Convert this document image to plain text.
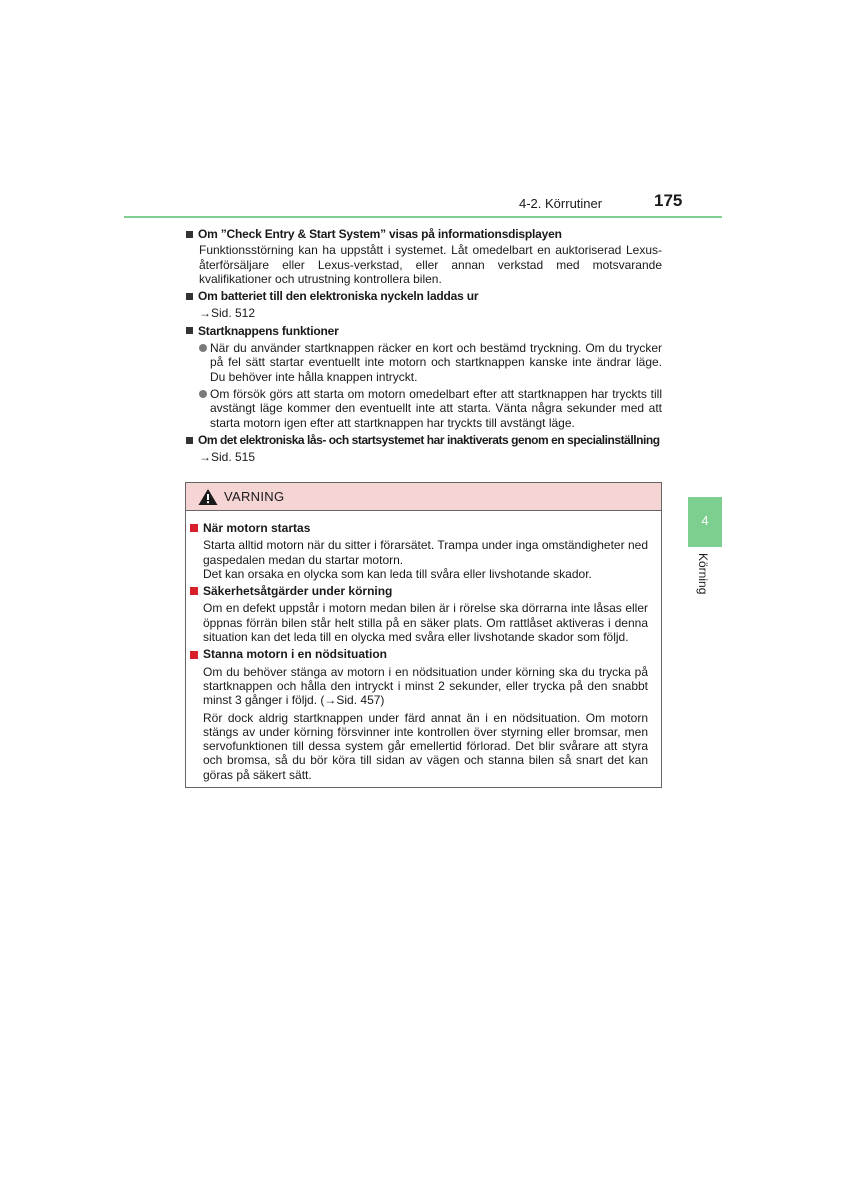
4-2. Körrutiner	175
4
Körning
Om ”Check Entry & Start System” visas på informationsdisplayen
Funktionsstörning kan ha uppstått i systemet. Låt omedelbart en auktoriserad Lexus-återförsäljare eller Lexus-verkstad, eller annan verkstad med motsvarande kvalifikationer och utrustning kontrollera bilen.
Om batteriet till den elektroniska nyckeln laddas ur
→Sid. 512
Startknappens funktioner
När du använder startknappen räcker en kort och bestämd tryckning. Om du trycker på fel sätt startar eventuellt inte motorn och startknappen kanske inte ändrar läge. Du behöver inte hålla knappen intryckt.
Om försök görs att starta om motorn omedelbart efter att startknappen har tryckts till avstängt läge kommer den eventuellt inte att starta. Vänta några sekunder med att starta motorn igen efter att startknappen har tryckts till avstängt läge.
Om det elektroniska lås- och startsystemet har inaktiverats genom en specialinställning
→Sid. 515
VARNING
När motorn startas
Starta alltid motorn när du sitter i förarsätet. Trampa under inga omständigheter ned gaspedalen medan du startar motorn.
Det kan orsaka en olycka som kan leda till svåra eller livshotande skador.
Säkerhetsåtgärder under körning
Om en defekt uppstår i motorn medan bilen är i rörelse ska dörrarna inte låsas eller öppnas förrän bilen står helt stilla på en säker plats. Om rattlåset aktiveras i denna situation kan det leda till en olycka med svåra eller livshotande skador som följd.
Stanna motorn i en nödsituation
Om du behöver stänga av motorn i en nödsituation under körning ska du trycka på startknappen och hålla den intryckt i minst 2 sekunder, eller trycka på den snabbt minst 3 gånger i följd. (→Sid. 457)
Rör dock aldrig startknappen under färd annat än i en nödsituation. Om motorn stängs av under körning försvinner inte kontrollen över styrning eller bromsar, men servofunktionen till dessa system går emellertid förlorad. Det blir svårare att styra och bromsa, så du bör köra till sidan av vägen och stanna bilen så snart det kan göras på säkert sätt.
